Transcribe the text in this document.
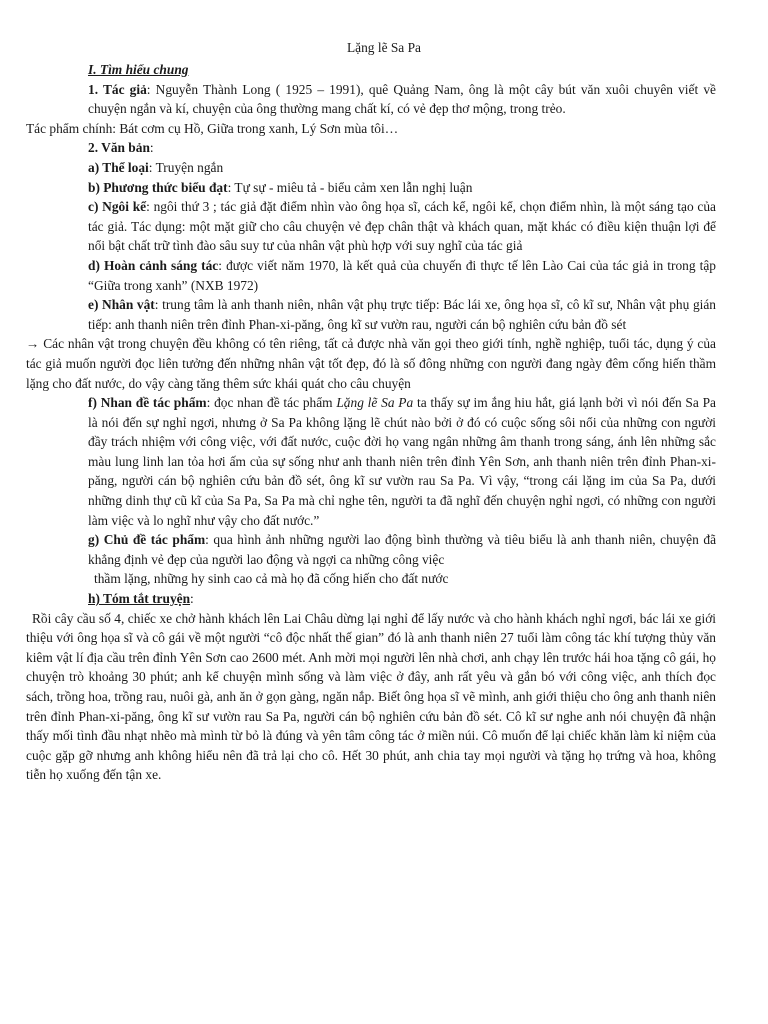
Lặng lẽ Sa Pa

I. Tìm hiểu chung

1. Tác giả: Nguyễn Thành Long ( 1925 – 1991), quê Quảng Nam, ông là một cây bút văn xuôi chuyên viết về chuyện ngắn và kí, chuyện của ông thường mang chất kí, có vẻ đẹp thơ mộng, trong trẻo.

Tác phẩm chính: Bát cơm cụ Hồ, Giữa trong xanh, Lý Sơn mùa tôi…

2. Văn bản:

a) Thể loại: Truyện ngắn

b) Phương thức biểu đạt: Tự sự - miêu tả - biểu cảm xen lẫn nghị luận

c) Ngôi kể: ngôi thứ 3 ; tác giả đặt điểm nhìn vào ông họa sĩ, cách kể, ngôi kể, chọn điểm nhìn, là một sáng tạo của tác giả. Tác dụng: một mặt giữ cho câu chuyện vẻ đẹp chân thật và khách quan, mặt khác có điều kiện thuận lợi để nổi bật chất trữ tình đào sâu suy tư của nhân vật phù hợp với suy nghĩ của tác giả

d) Hoàn cảnh sáng tác: được viết năm 1970, là kết quả của chuyến đi thực tế lên Lào Cai của tác giả in trong tập “Giữa trong xanh” (NXB 1972)

e) Nhân vật: trung tâm là anh thanh niên, nhân vật phụ trực tiếp: Bác lái xe, ông họa sĩ, cô kĩ sư, Nhân vật phụ gián tiếp: anh thanh niên trên đỉnh Phan-xi-păng, ông kĩ sư vườn rau, người cán bộ nghiên cứu bản đồ sét

→ Các nhân vật trong chuyện đều không có tên riêng, tất cả được nhà văn gọi theo giới tính, nghề nghiệp, tuổi tác, dụng ý của tác giả muốn người đọc liên tưởng đến những nhân vật tốt đẹp, đó là số đông những con người đang ngày đêm cống hiến thầm lặng cho đất nước, do vậy càng tăng thêm sức khái quát cho câu chuyện

f) Nhan đề tác phẩm: đọc nhan đề tác phẩm Lặng lẽ Sa Pa ta thấy sự im ắng hiu hắt, giá lạnh bởi vì nói đến Sa Pa là nói đến sự nghỉ ngơi, nhưng ở Sa Pa không lặng lẽ chút nào bởi ở đó có cuộc sống sôi nổi của những con người đầy trách nhiệm với công việc, với đất nước, cuộc đời họ vang ngân những âm thanh trong sáng, ánh lên những sắc màu lung linh lan tỏa hơi ấm của sự sống như anh thanh niên trên đỉnh Yên Sơn, anh thanh niên trên đỉnh Phan-xi-păng, người cán bộ nghiên cứu bản đồ sét, ông kĩ sư vườn rau Sa Pa. Vì vậy, “trong cái lặng im của Sa Pa, dưới những dinh thự cũ kĩ của Sa Pa, Sa Pa mà chỉ nghe tên, người ta đã nghĩ đến chuyện nghỉ ngơi, có những con người làm việc và lo nghĩ như vậy cho đất nước.”

g) Chủ đề tác phẩm: qua hình ảnh những người lao động bình thường và tiêu biểu là anh thanh niên, chuyện đã khẳng định vẻ đẹp của người lao động và ngợi ca những công việc

thầm lặng, những hy sinh cao cả mà họ đã cống hiến cho đất nước

h) Tóm tắt truyện:

Rồi cây cầu số 4, chiếc xe chở hành khách lên Lai Châu dừng lại nghỉ để lấy nước và cho hành khách nghỉ ngơi, bác lái xe giới thiệu với ông họa sĩ và cô gái về một người “cô độc nhất thế gian” đó là anh thanh niên 27 tuổi làm công tác khí tượng thủy văn kiêm vật lí địa cầu trên đỉnh Yên Sơn cao 2600 mét. Anh mời mọi người lên nhà chơi, anh chạy lên trước hái hoa tặng cô gái, họ chuyện trò khoảng 30 phút; anh kể chuyện mình sống và làm việc ở đây, anh rất yêu và gắn bó với công việc, anh thích đọc sách, trồng hoa, trồng rau, nuôi gà, anh ăn ở gọn gàng, ngăn nắp. Biết ông họa sĩ vẽ mình, anh giới thiệu cho ông anh thanh niên trên đỉnh Phan-xi-păng, ông kĩ sư vườn rau Sa Pa, người cán bộ nghiên cứu bản đồ sét. Cô kĩ sư nghe anh nói chuyện đã nhận thấy mối tình đầu nhạt nhẽo mà mình từ bỏ là đúng và yên tâm công tác ở miền núi. Cô muốn để lại chiếc khăn làm kỉ niệm của cuộc gặp gỡ nhưng anh không hiểu nên đã trả lại cho cô. Hết 30 phút, anh chia tay mọi người và tặng họ trứng và hoa, không tiễn họ xuống đến tận xe.
